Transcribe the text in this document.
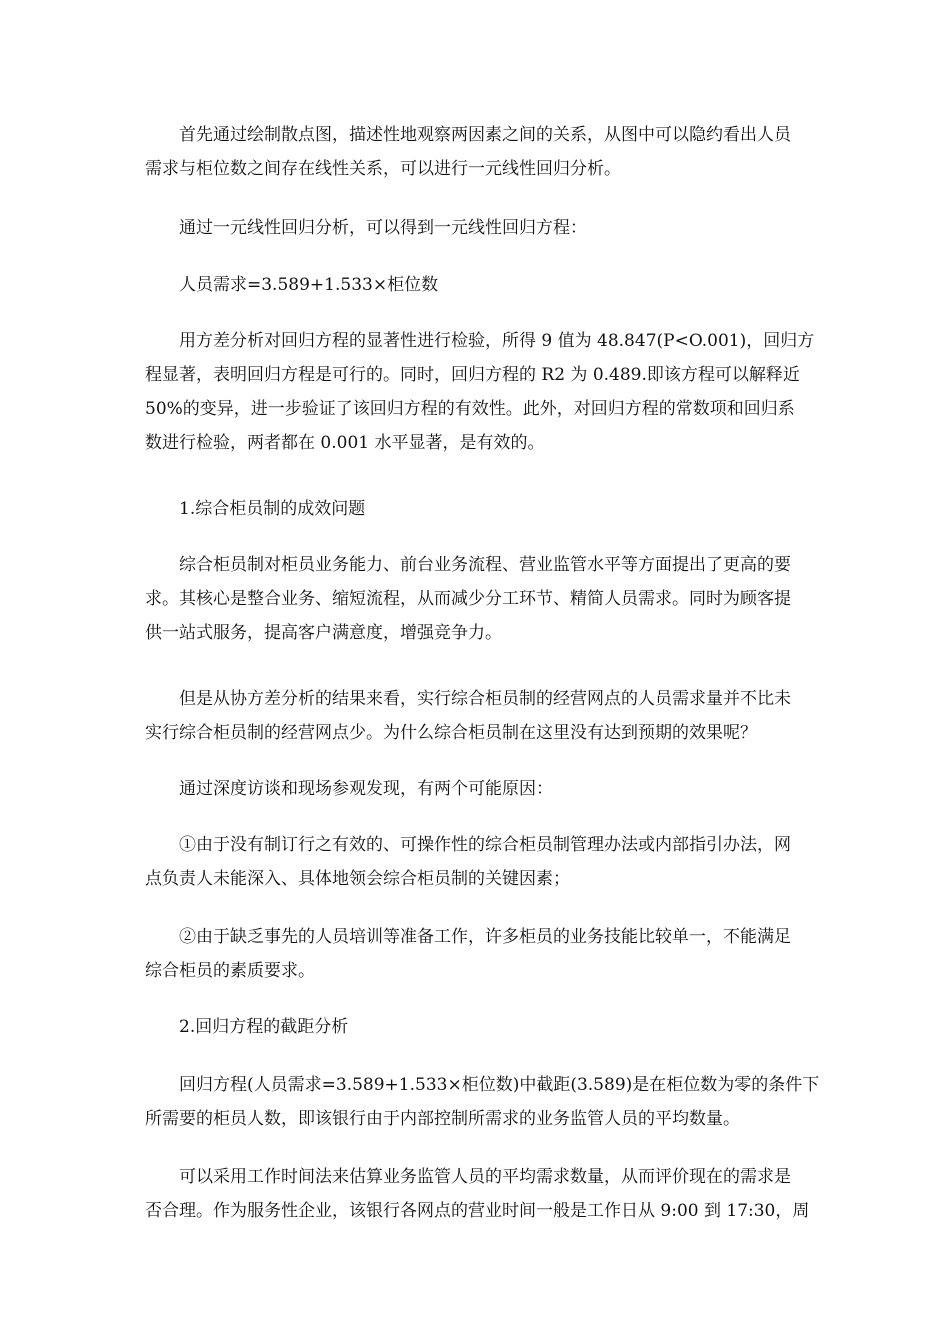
首先通过绘制散点图，描述性地观察两因素之间的关系，从图中可以隐约看出人员
需求与柜位数之间存在线性关系，可以进行一元线性回归分析。

通过一元线性回归分析，可以得到一元线性回归方程：

人员需求=3.589+1.533×柜位数

用方差分析对回归方程的显著性进行检验，所得 9 值为 48.847(P<O.001)，回归方
程显著，表明回归方程是可行的。同时，回归方程的 R2 为 0.489.即该方程可以解释近
50%的变异，进一步验证了该回归方程的有效性。此外，对回归方程的常数项和回归系
数进行检验，两者都在 0.001 水平显著，是有效的。

1.综合柜员制的成效问题

综合柜员制对柜员业务能力、前台业务流程、营业监管水平等方面提出了更高的要
求。其核心是整合业务、缩短流程，从而减少分工环节、精简人员需求。同时为顾客提
供一站式服务，提高客户满意度，增强竞争力。

但是从协方差分析的结果来看，实行综合柜员制的经营网点的人员需求量并不比未
实行综合柜员制的经营网点少。为什么综合柜员制在这里没有达到预期的效果呢？

通过深度访谈和现场参观发现，有两个可能原因：

①由于没有制订行之有效的、可操作性的综合柜员制管理办法或内部指引办法，网
点负责人未能深入、具体地领会综合柜员制的关键因素；

②由于缺乏事先的人员培训等准备工作，许多柜员的业务技能比较单一，不能满足
综合柜员的素质要求。

2.回归方程的截距分析

回归方程(人员需求=3.589+1.533×柜位数)中截距(3.589)是在柜位数为零的条件下
所需要的柜员人数，即该银行由于内部控制所需求的业务监管人员的平均数量。

可以采用工作时间法来估算业务监管人员的平均需求数量，从而评价现在的需求是
否合理。作为服务性企业，该银行各网点的营业时间一般是工作日从 9:00 到 17:30，周
